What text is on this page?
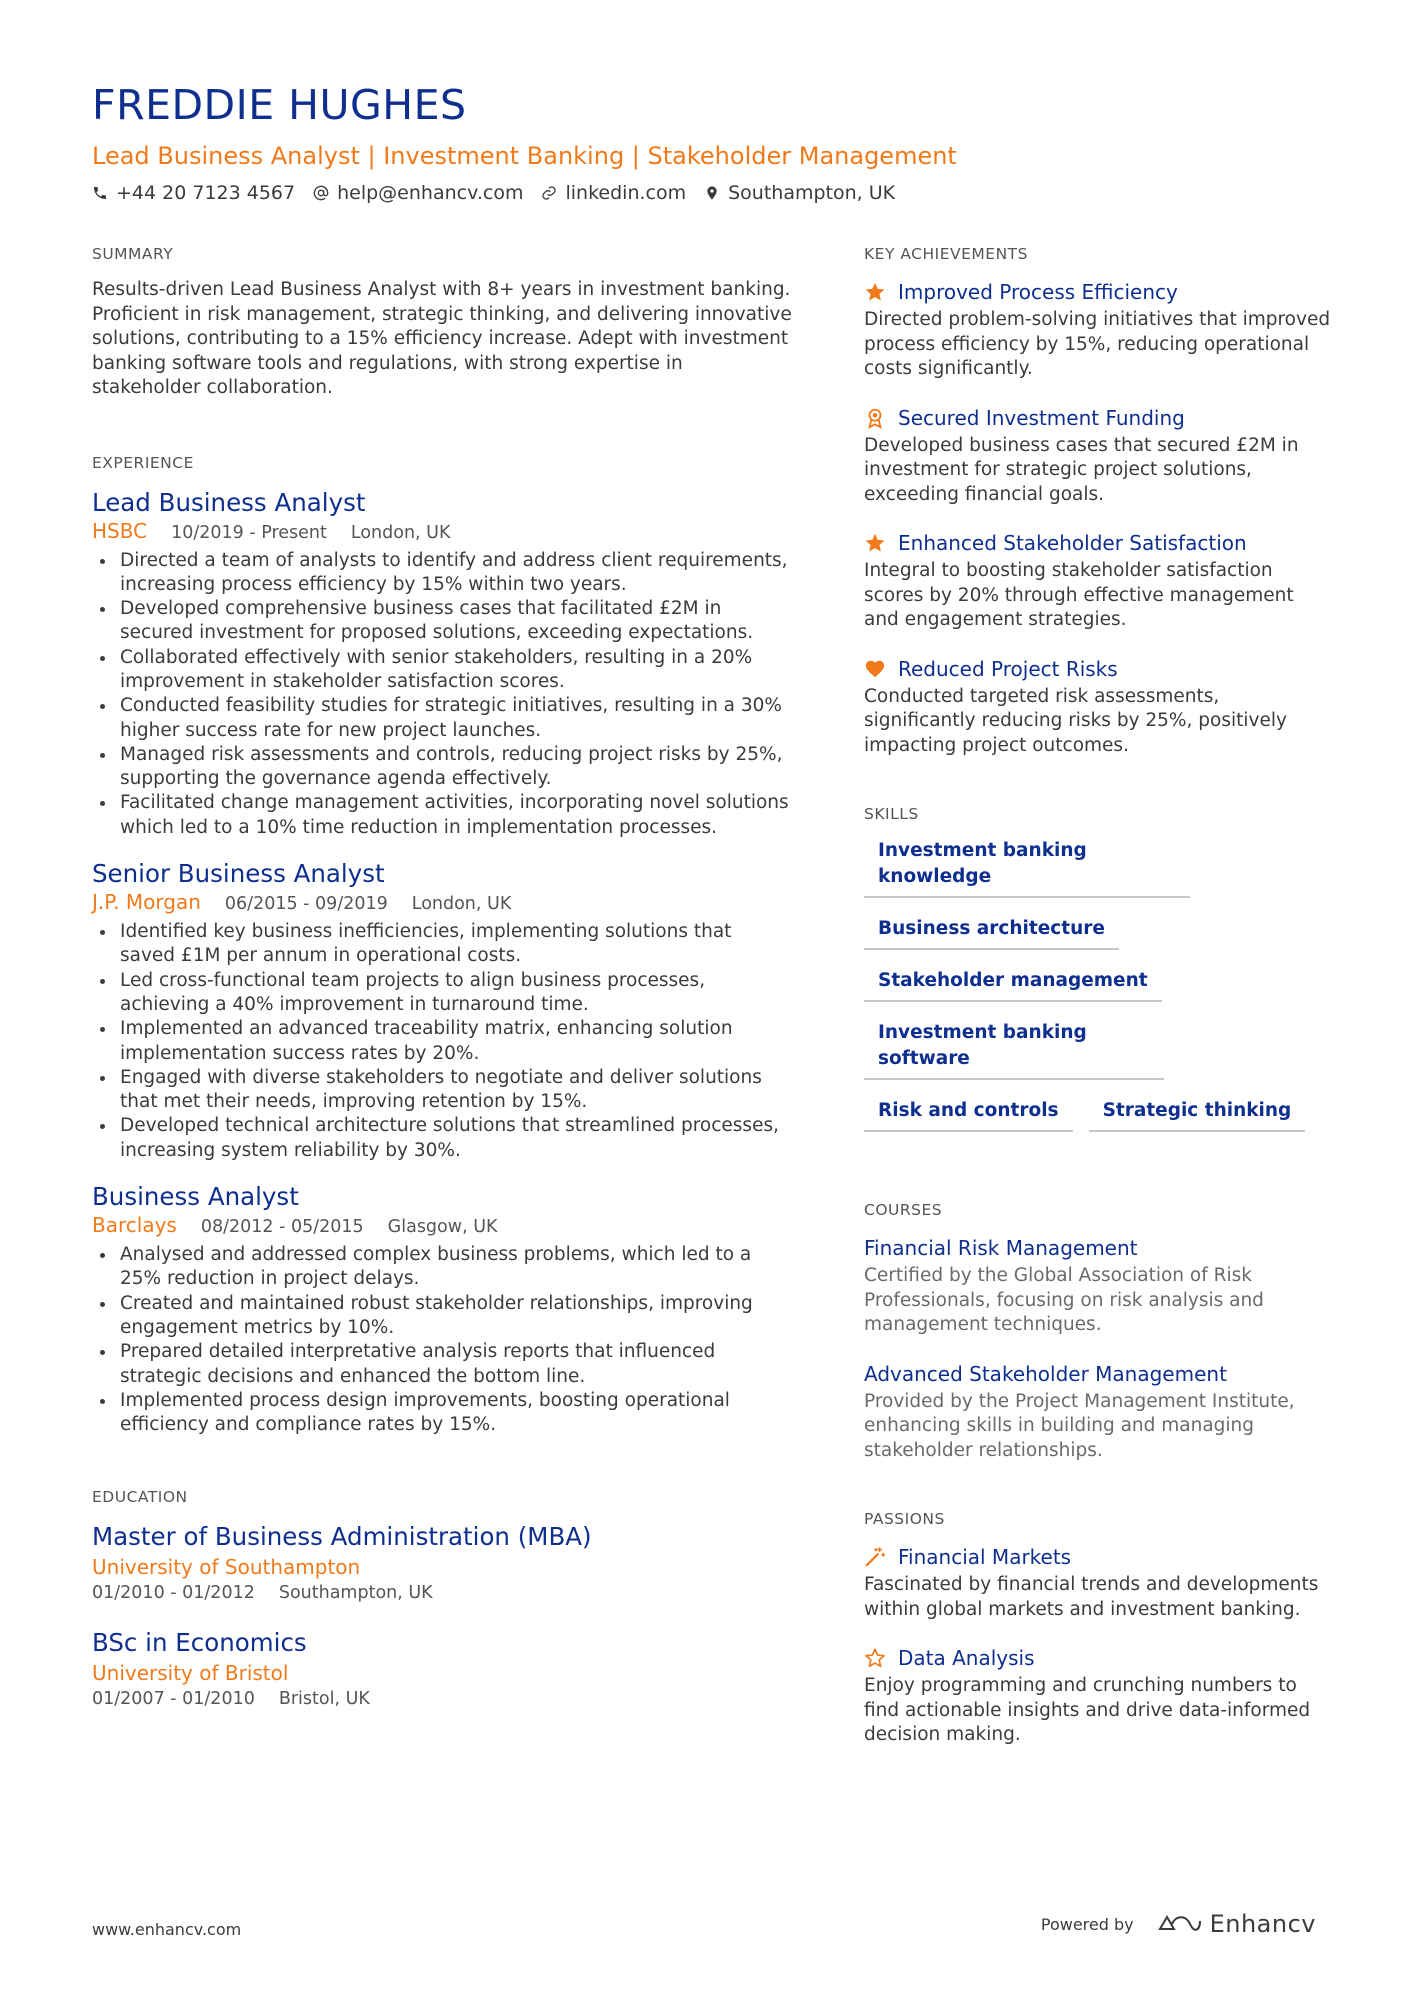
FREDDIE HUGHES
Lead Business Analyst | Investment Banking | Stakeholder Management
+44 20 7123 4567 help@enhancv.com linkedin.com Southampton, UK
SUMMARY
Results-driven Lead Business Analyst with 8+ years in investment banking. Proficient in risk management, strategic thinking, and delivering innovative solutions, contributing to a 15% efficiency increase. Adept with investment banking software tools and regulations, with strong expertise in stakeholder collaboration.
EXPERIENCE
Lead Business Analyst
HSBC 10/2019 - Present London, UK
Directed a team of analysts to identify and address client requirements, increasing process efficiency by 15% within two years.
Developed comprehensive business cases that facilitated £2M in secured investment for proposed solutions, exceeding expectations.
Collaborated effectively with senior stakeholders, resulting in a 20% improvement in stakeholder satisfaction scores.
Conducted feasibility studies for strategic initiatives, resulting in a 30% higher success rate for new project launches.
Managed risk assessments and controls, reducing project risks by 25%, supporting the governance agenda effectively.
Facilitated change management activities, incorporating novel solutions which led to a 10% time reduction in implementation processes.
Senior Business Analyst
J.P. Morgan 06/2015 - 09/2019 London, UK
Identified key business inefficiencies, implementing solutions that saved £1M per annum in operational costs.
Led cross-functional team projects to align business processes, achieving a 40% improvement in turnaround time.
Implemented an advanced traceability matrix, enhancing solution implementation success rates by 20%.
Engaged with diverse stakeholders to negotiate and deliver solutions that met their needs, improving retention by 15%.
Developed technical architecture solutions that streamlined processes, increasing system reliability by 30%.
Business Analyst
Barclays 08/2012 - 05/2015 Glasgow, UK
Analysed and addressed complex business problems, which led to a 25% reduction in project delays.
Created and maintained robust stakeholder relationships, improving engagement metrics by 10%.
Prepared detailed interpretative analysis reports that influenced strategic decisions and enhanced the bottom line.
Implemented process design improvements, boosting operational efficiency and compliance rates by 15%.
EDUCATION
Master of Business Administration (MBA)
University of Southampton
01/2010 - 01/2012 Southampton, UK
BSc in Economics
University of Bristol
01/2007 - 01/2010 Bristol, UK
KEY ACHIEVEMENTS
Improved Process Efficiency
Directed problem-solving initiatives that improved process efficiency by 15%, reducing operational costs significantly.
Secured Investment Funding
Developed business cases that secured £2M in investment for strategic project solutions, exceeding financial goals.
Enhanced Stakeholder Satisfaction
Integral to boosting stakeholder satisfaction scores by 20% through effective management and engagement strategies.
Reduced Project Risks
Conducted targeted risk assessments, significantly reducing risks by 25%, positively impacting project outcomes.
SKILLS
Investment banking knowledge
Business architecture
Stakeholder management
Investment banking software
Risk and controls	Strategic thinking
COURSES
Financial Risk Management
Certified by the Global Association of Risk Professionals, focusing on risk analysis and management techniques.
Advanced Stakeholder Management
Provided by the Project Management Institute, enhancing skills in building and managing stakeholder relationships.
PASSIONS
Financial Markets
Fascinated by financial trends and developments within global markets and investment banking.
Data Analysis
Enjoy programming and crunching numbers to find actionable insights and drive data-informed decision making.
www.enhancv.com	Powered by	Enhancv
